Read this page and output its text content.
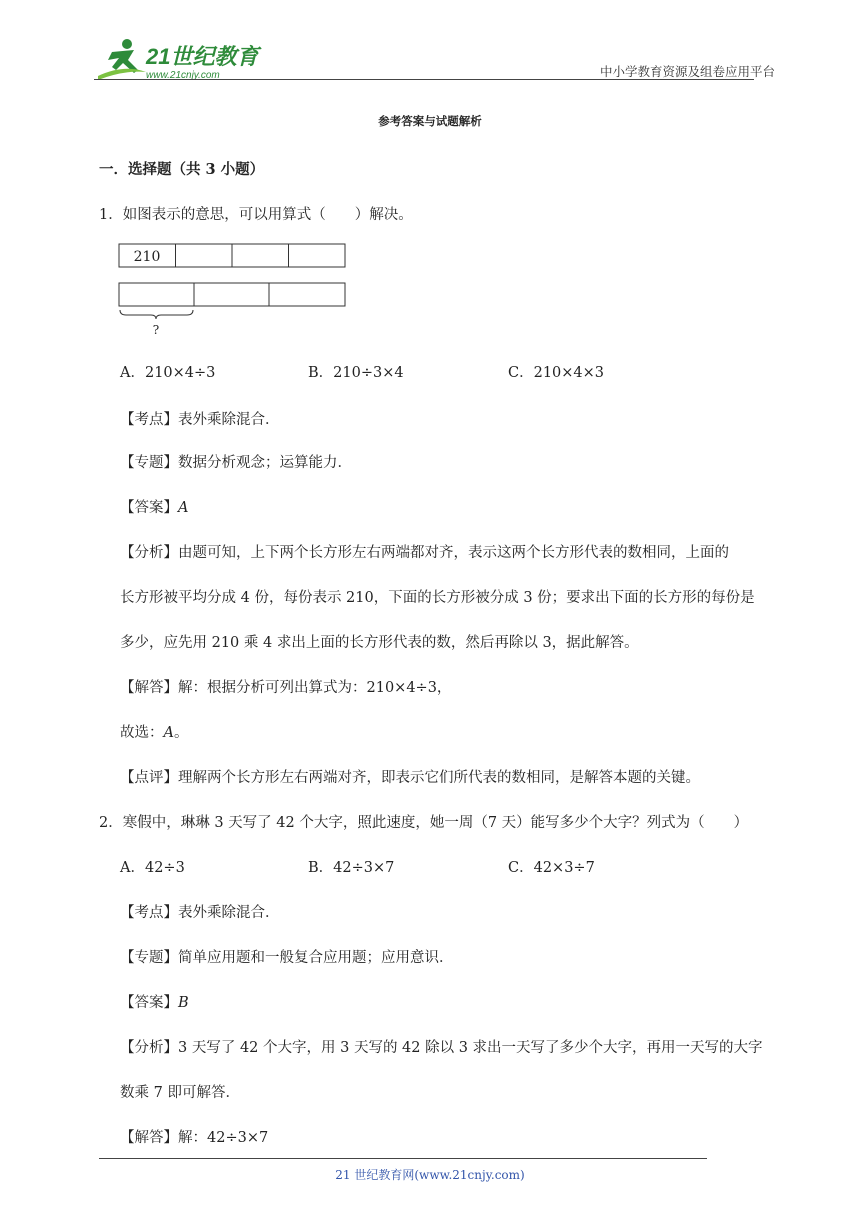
21世纪教育
www.21cnjy.com	中小学教育资源及组卷应用平台
参考答案与试题解析
一．选择题（共 3 小题）
1．如图表示的意思，可以用算式（　　）解决。
210
?
A．210×4÷3	B．210÷3×4	C．210×4×3
【考点】表外乘除混合．
【专题】数据分析观念；运算能力．
【答案】A
【分析】由题可知，上下两个长方形左右两端都对齐，表示这两个长方形代表的数相同，上面的
长方形被平均分成 4 份，每份表示 210，下面的长方形被分成 3 份；要求出下面的长方形的每份是
多少，应先用 210 乘 4 求出上面的长方形代表的数，然后再除以 3，据此解答。
【解答】解：根据分析可列出算式为：210×4÷3，
故选：A。
【点评】理解两个长方形左右两端对齐，即表示它们所代表的数相同，是解答本题的关键。
2．寒假中，琳琳 3 天写了 42 个大字，照此速度，她一周（7 天）能写多少个大字？列式为（　　）
A．42÷3	B．42÷3×7	C．42×3÷7
【考点】表外乘除混合．
【专题】简单应用题和一般复合应用题；应用意识．
【答案】B
【分析】3 天写了 42 个大字，用 3 天写的 42 除以 3 求出一天写了多少个大字，再用一天写的大字
数乘 7 即可解答．
【解答】解：42÷3×7
21 世纪教育网(www.21cnjy.com)
